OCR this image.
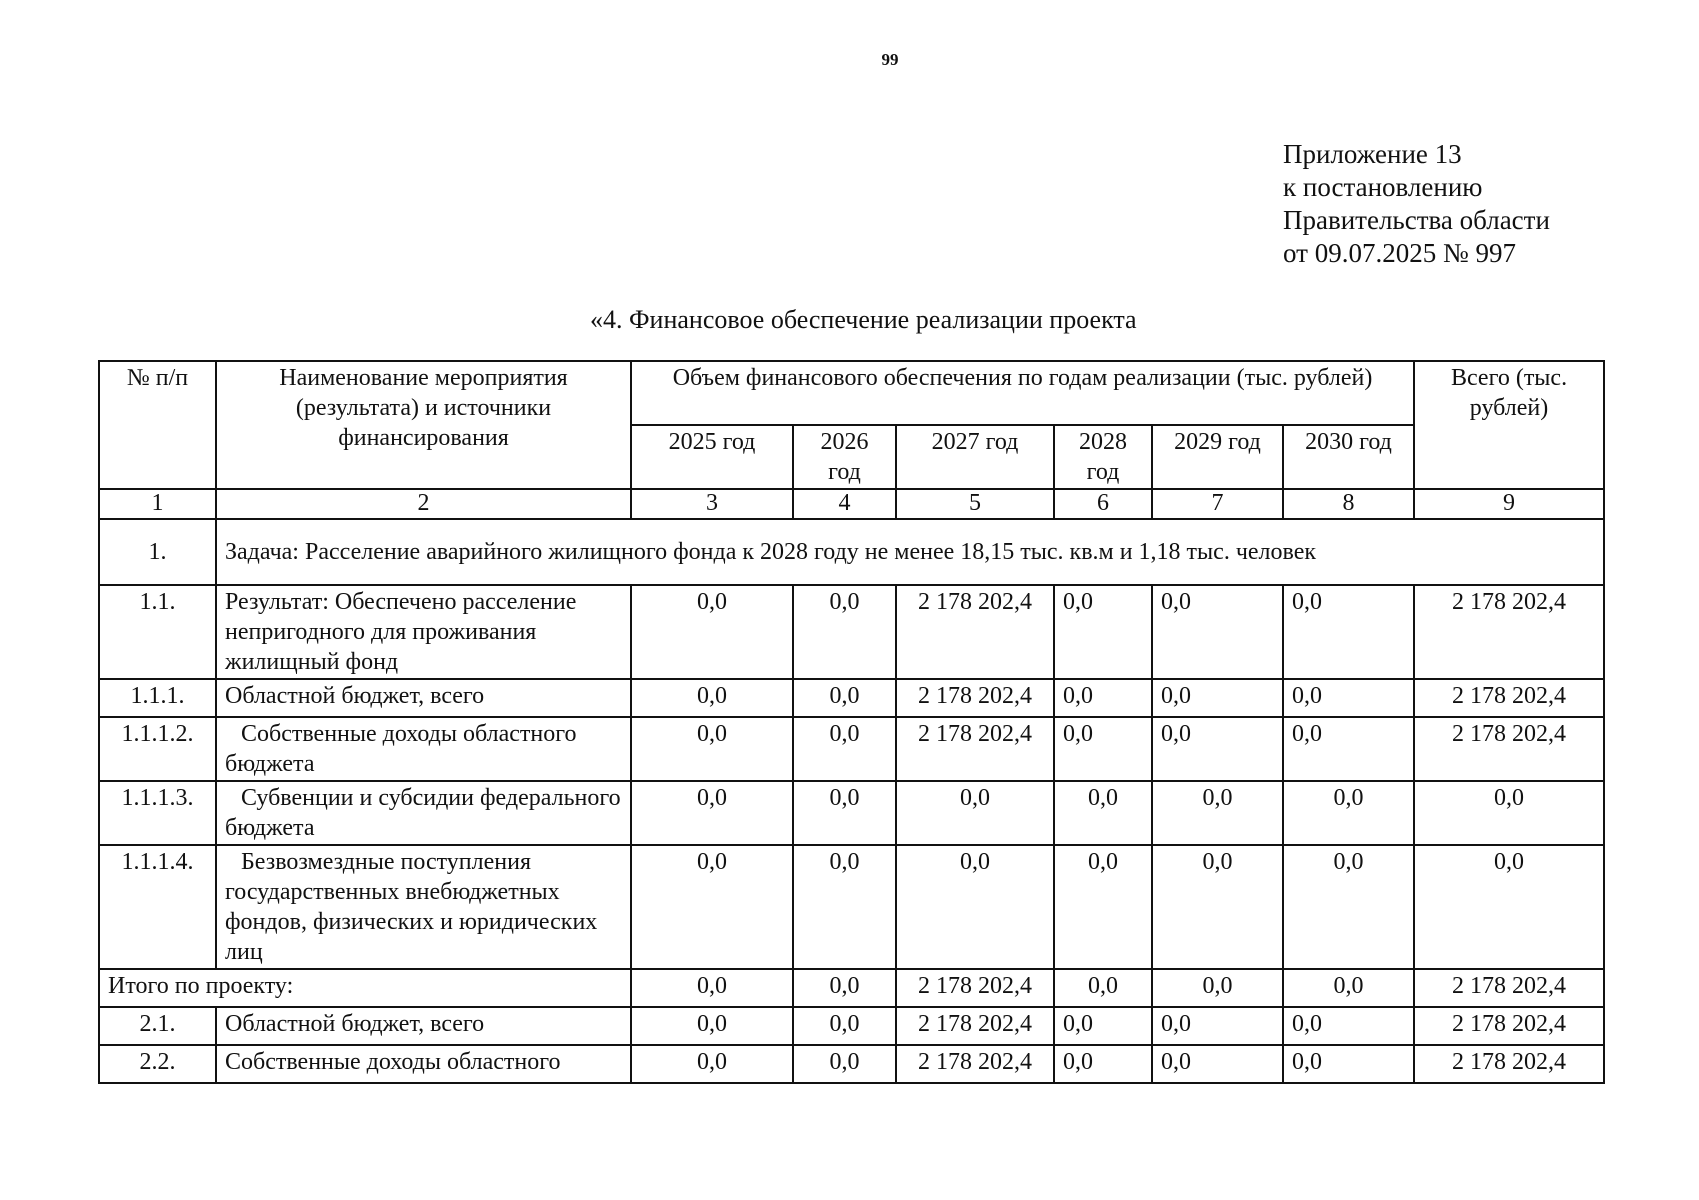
99
Приложение 13
к постановлению
Правительства области
от 09.07.2025 № 997
«4. Финансовое обеспечение реализации проекта
№ п/п	Наименование мероприятия (результата) и источники финансирования	Объем финансового обеспечения по годам реализации (тыс. рублей)						Всего (тыс. рублей)
		2025 год	2026 год	2027 год	2028 год	2029 год	2030 год	
1	2	3	4	5	6	7	8	9
1.	Задача: Расселение аварийного жилищного фонда к 2028 году не менее 18,15 тыс. кв.м и 1,18 тыс. человек							
1.1.	Результат: Обеспечено расселение непригодного для проживания жилищный фонд	0,0	0,0	2 178 202,4	0,0	0,0	0,0	2 178 202,4
1.1.1.	Областной бюджет, всего	0,0	0,0	2 178 202,4	0,0	0,0	0,0	2 178 202,4
1.1.1.2.	Собственные доходы областного бюджета	0,0	0,0	2 178 202,4	0,0	0,0	0,0	2 178 202,4
1.1.1.3.	Субвенции и субсидии федерального бюджета	0,0	0,0	0,0	0,0	0,0	0,0	0,0
1.1.1.4.	Безвозмездные поступления государственных внебюджетных фондов, физических и юридических лиц	0,0	0,0	0,0	0,0	0,0	0,0	0,0
Итого по проекту:		0,0	0,0	2 178 202,4	0,0	0,0	0,0	2 178 202,4
2.1.	Областной бюджет, всего	0,0	0,0	2 178 202,4	0,0	0,0	0,0	2 178 202,4
2.2.	Собственные доходы областного	0,0	0,0	2 178 202,4	0,0	0,0	0,0	2 178 202,4
